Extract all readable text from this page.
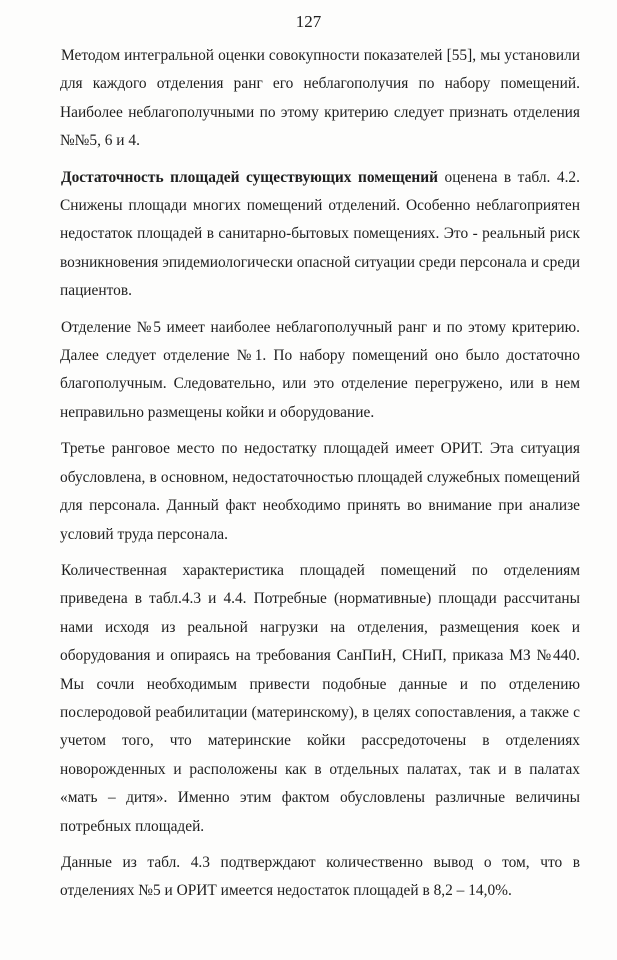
127

Методом интегральной оценки совокупности показателей [55], мы установили для каждого отделения ранг его неблагополучия по набору помещений. Наиболее неблагополучными по этому критерию следует признать отделения №№5, 6 и 4.

Достаточность площадей существующих помещений оценена в табл. 4.2. Снижены площади многих помещений отделений. Особенно неблагоприятен недостаток площадей в санитарно-бытовых помещениях. Это - реальный риск возникновения эпидемиологически опасной ситуации среди персонала и среди пациентов.

Отделение №5 имеет наиболее неблагополучный ранг и по этому критерию. Далее следует отделение №1. По набору помещений оно было достаточно благополучным. Следовательно, или это отделение перегружено, или в нем неправильно размещены койки и оборудование.

Третье ранговое место по недостатку площадей имеет ОРИТ. Эта ситуация обусловлена, в основном, недостаточностью площадей служебных помещений для персонала. Данный факт необходимо принять во внимание при анализе условий труда персонала.

Количественная характеристика площадей помещений по отделениям приведена в табл.4.3 и 4.4. Потребные (нормативные) площади рассчитаны нами исходя из реальной нагрузки на отделения, размещения коек и оборудования и опираясь на требования СанПиН, СНиП, приказа МЗ №440. Мы сочли необходимым привести подобные данные и по отделению послеродовой реабилитации (материнскому), в целях сопоставления, а также с учетом того, что материнские койки рассредоточены в отделениях новорожденных и расположены как в отдельных палатах, так и в палатах «мать – дитя». Именно этим фактом обусловлены различные величины потребных площадей.

Данные из табл. 4.3 подтверждают количественно вывод о том, что в отделениях №5 и ОРИТ имеется недостаток площадей в 8,2 – 14,0%.
